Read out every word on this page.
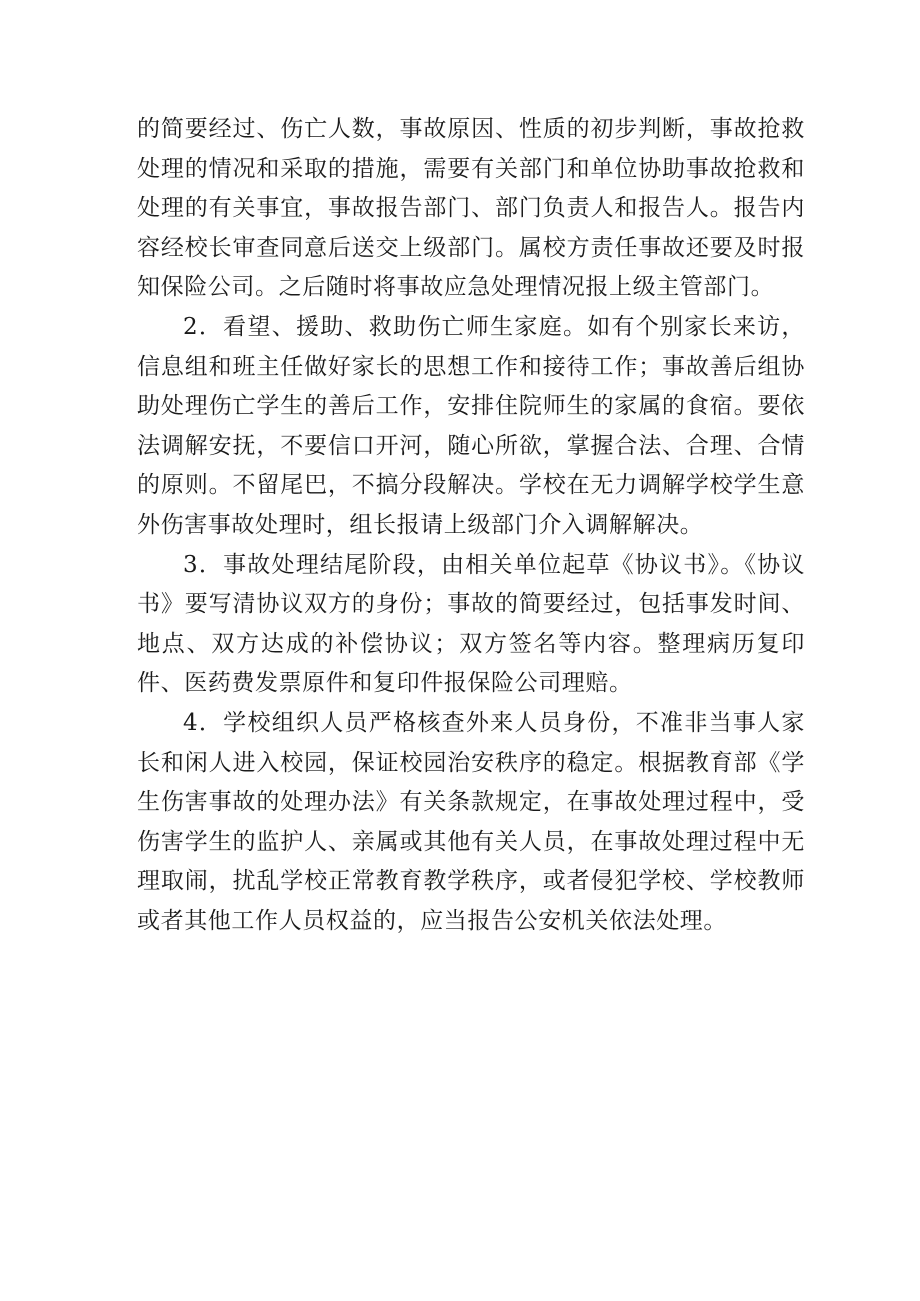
的简要经过、伤亡人数，事故原因、性质的初步判断，事故抢救处理的情况和采取的措施，需要有关部门和单位协助事故抢救和处理的有关事宜，事故报告部门、部门负责人和报告人。报告内容经校长审查同意后送交上级部门。属校方责任事故还要及时报知保险公司。之后随时将事故应急处理情况报上级主管部门。

2．看望、援助、救助伤亡师生家庭。如有个别家长来访，信息组和班主任做好家长的思想工作和接待工作；事故善后组协助处理伤亡学生的善后工作，安排住院师生的家属的食宿。要依法调解安抚，不要信口开河，随心所欲，掌握合法、合理、合情的原则。不留尾巴，不搞分段解决。学校在无力调解学校学生意外伤害事故处理时，组长报请上级部门介入调解解决。

3．事故处理结尾阶段，由相关单位起草《协议书》。《协议书》要写清协议双方的身份；事故的简要经过，包括事发时间、地点、双方达成的补偿协议；双方签名等内容。整理病历复印件、医药费发票原件和复印件报保险公司理赔。

4．学校组织人员严格核查外来人员身份，不准非当事人家长和闲人进入校园，保证校园治安秩序的稳定。根据教育部《学生伤害事故的处理办法》有关条款规定，在事故处理过程中，受伤害学生的监护人、亲属或其他有关人员，在事故处理过程中无理取闹，扰乱学校正常教育教学秩序，或者侵犯学校、学校教师或者其他工作人员权益的，应当报告公安机关依法处理。
